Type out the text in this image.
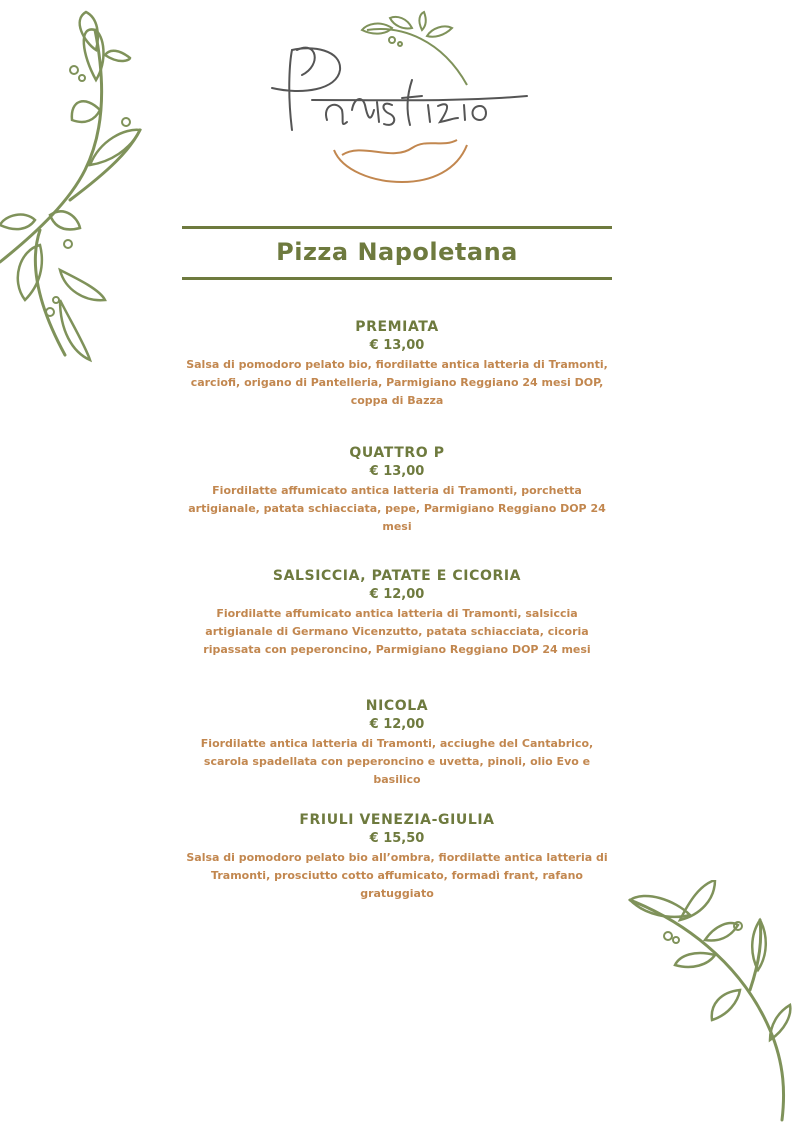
Pizza Napoletana
PREMIATA
€ 13,00
Salsa di pomodoro pelato bio, fiordilatte antica latteria di Tramonti, carciofi, origano di Pantelleria, Parmigiano Reggiano 24 mesi DOP, coppa di Bazza
QUATTRO P
€ 13,00
Fiordilatte affumicato antica latteria di Tramonti, porchetta artigianale, patata schiacciata, pepe, Parmigiano Reggiano DOP 24 mesi
SALSICCIA, PATATE E CICORIA
€ 12,00
Fiordilatte affumicato antica latteria di Tramonti, salsiccia artigianale di Germano Vicenzutto, patata schiacciata, cicoria ripassata con peperoncino, Parmigiano Reggiano DOP 24 mesi
NICOLA
€ 12,00
Fiordilatte antica latteria di Tramonti, acciughe del Cantabrico, scarola spadellata con peperoncino e uvetta, pinoli, olio Evo e basilico
FRIULI VENEZIA-GIULIA
€ 15,50
Salsa di pomodoro pelato bio all’ombra, fiordilatte antica latteria di Tramonti, prosciutto cotto affumicato, formadì frant, rafano gratuggiato
